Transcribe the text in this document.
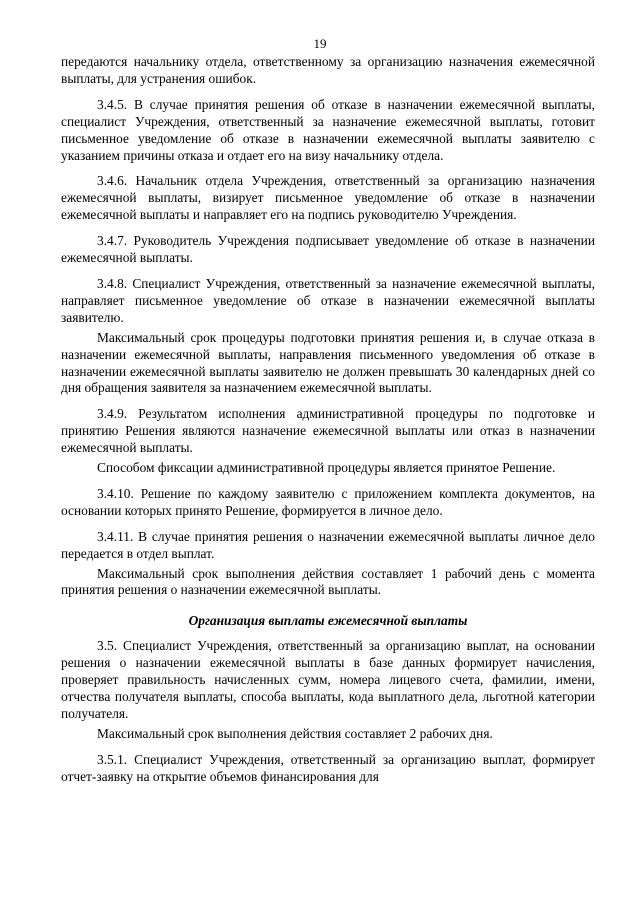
19

передаются начальнику отдела, ответственному за организацию назначения ежемесячной выплаты, для устранения ошибок.

3.4.5. В случае принятия решения об отказе в назначении ежемесячной выплаты, специалист Учреждения, ответственный за назначение ежемесячной выплаты, готовит письменное уведомление об отказе в назначении ежемесячной выплаты заявителю с указанием причины отказа и отдает его на визу начальнику отдела.

3.4.6. Начальник отдела Учреждения, ответственный за организацию назначения ежемесячной выплаты, визирует письменное уведомление об отказе в назначении ежемесячной выплаты и направляет его на подпись руководителю Учреждения.

3.4.7. Руководитель Учреждения подписывает уведомление об отказе в назначении ежемесячной выплаты.

3.4.8. Специалист Учреждения, ответственный за назначение ежемесячной выплаты, направляет письменное уведомление об отказе в назначении ежемесячной выплаты заявителю.

Максимальный срок процедуры подготовки принятия решения и, в случае отказа в назначении ежемесячной выплаты, направления письменного уведомления об отказе в назначении ежемесячной выплаты заявителю не должен превышать 30 календарных дней со дня обращения заявителя за назначением ежемесячной выплаты.

3.4.9. Результатом исполнения административной процедуры по подготовке и принятию Решения являются назначение ежемесячной выплаты или отказ в назначении ежемесячной выплаты.

Способом фиксации административной процедуры является принятое Решение.

3.4.10. Решение по каждому заявителю с приложением комплекта документов, на основании которых принято Решение, формируется в личное дело.

3.4.11. В случае принятия решения о назначении ежемесячной выплаты личное дело передается в отдел выплат.

Максимальный срок выполнения действия составляет 1 рабочий день с момента принятия решения о назначении ежемесячной выплаты.

Организация выплаты ежемесячной выплаты

3.5. Специалист Учреждения, ответственный за организацию выплат, на основании решения о назначении ежемесячной выплаты в базе данных формирует начисления, проверяет правильность начисленных сумм, номера лицевого счета, фамилии, имени, отчества получателя выплаты, способа выплаты, кода выплатного дела, льготной категории получателя.

Максимальный срок выполнения действия составляет 2 рабочих дня.

3.5.1. Специалист Учреждения, ответственный за организацию выплат, формирует отчет-заявку на открытие объемов финансирования для
